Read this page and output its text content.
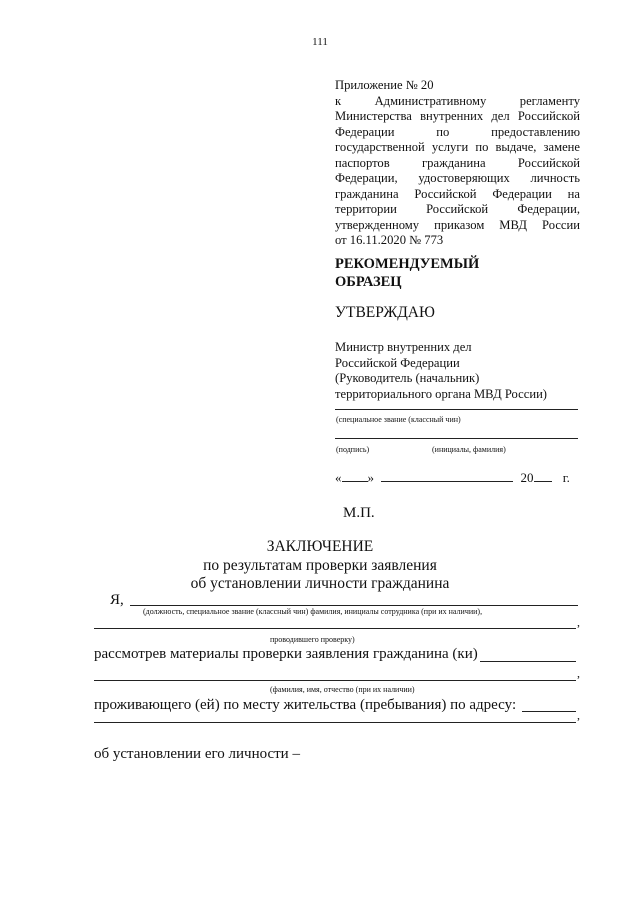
111
Приложение № 20
к Административному регламенту
Министерства внутренних дел Российской
Федерации по предоставлению
государственной услуги по выдаче, замене
паспортов гражданина Российской
Федерации, удостоверяющих личность
гражданина Российской Федерации на
территории Российской Федерации,
утвержденному приказом МВД России
от 16.11.2020 № 773
РЕКОМЕНДУЕМЫЙ
ОБРАЗЕЦ
УТВЕРЖДАЮ
Министр внутренних дел
Российской Федерации
(Руководитель (начальник)
территориального органа МВД России)
(специальное звание (классный чин)
(подпись)	(инициалы, фамилия)
« »	20 г.
М.П.
ЗАКЛЮЧЕНИЕ
по результатам проверки заявления
об установлении личности гражданина
Я,
(должность, специальное звание (классный чин) фамилия, инициалы сотрудника (при их наличии),
,
проводившего проверку)
рассмотрев материалы проверки заявления гражданина (ки)
,
(фамилия, имя, отчество (при их наличии)
проживающего (ей) по месту жительства (пребывания) по адресу:
,
об установлении его личности –
